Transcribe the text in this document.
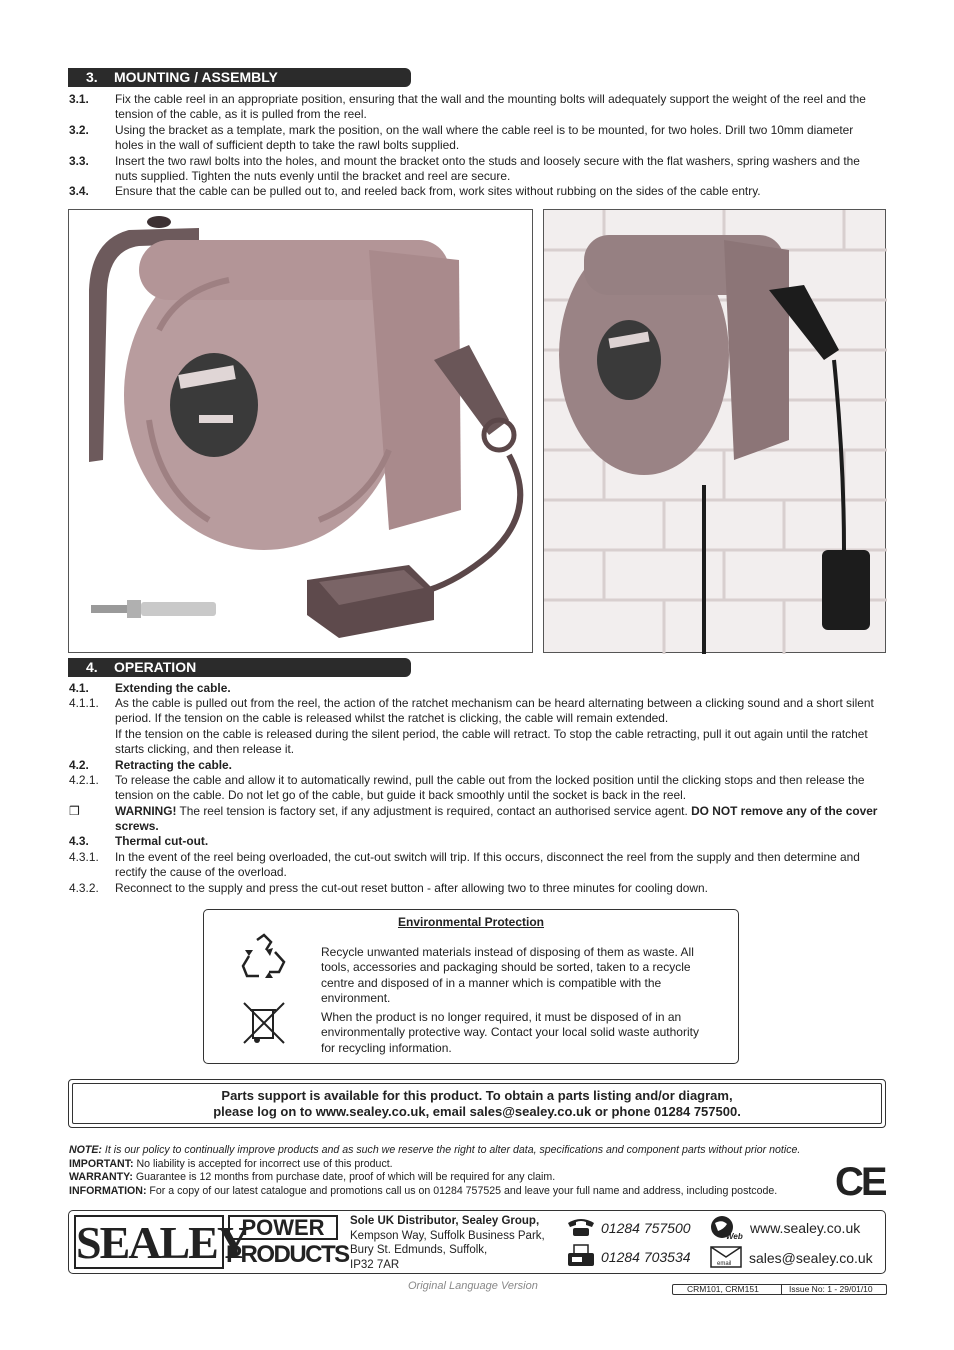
3. MOUNTING / ASSEMBLY
3.1. Fix the cable reel in an appropriate position, ensuring that the wall and the mounting bolts will adequately support the weight of the reel and the tension of the cable, as it is pulled from the reel.
3.2. Using the bracket as a template, mark the position, on the wall where the cable reel is to be mounted, for two holes. Drill two 10mm diameter holes in the wall of sufficient depth to take the rawl bolts supplied.
3.3. Insert the two rawl bolts into the holes, and mount the bracket onto the studs and loosely secure with the flat washers, spring washers and the nuts supplied. Tighten the nuts evenly until the bracket and reel are secure.
3.4. Ensure that the cable can be pulled out to, and reeled back from, work sites without rubbing on the sides of the cable entry.
4. OPERATION
4.1. Extending the cable.
4.1.1. As the cable is pulled out from the reel, the action of the ratchet mechanism can be heard alternating between a clicking sound and a short silent period. If the tension on the cable is released whilst the ratchet is clicking, the cable will remain extended.
If the tension on the cable is released during the silent period, the cable will retract. To stop the cable retracting, pull it out again until the ratchet starts clicking, and then release it.
4.2. Retracting the cable.
4.2.1. To release the cable and allow it to automatically rewind, pull the cable out from the locked position until the clicking stops and then release the tension on the cable. Do not let go of the cable, but guide it back smoothly until the socket is back in the reel.
❒	WARNING! The reel tension is factory set, if any adjustment is required, contact an authorised service agent. DO NOT remove any of the cover screws.
4.3. Thermal cut-out.
4.3.1. In the event of the reel being overloaded, the cut-out switch will trip. If this occurs, disconnect the reel from the supply and then determine and rectify the cause of the overload.
4.3.2. Reconnect to the supply and press the cut-out reset button - after allowing two to three minutes for cooling down.
Environmental Protection
Recycle unwanted materials instead of disposing of them as waste. All tools, accessories and packaging should be sorted, taken to a recycle centre and disposed of in a manner which is compatible with the environment.
When the product is no longer required, it must be disposed of in an environmentally protective way. Contact your local solid waste authority for recycling information.
Parts support is available for this product. To obtain a parts listing and/or diagram,
please log on to www.sealey.co.uk, email sales@sealey.co.uk or phone 01284 757500.
NOTE: It is our policy to continually improve products and as such we reserve the right to alter data, specifications and component parts without prior notice.
IMPORTANT: No liability is accepted for incorrect use of this product.
WARRANTY: Guarantee is 12 months from purchase date, proof of which will be required for any claim.
INFORMATION: For a copy of our latest catalogue and promotions call us on 01284 757525 and leave your full name and address, including postcode.	CE
SEALEY
POWER
PRODUCTS
Sole UK Distributor, Sealey Group,
Kempson Way, Suffolk Business Park,
Bury St. Edmunds, Suffolk,
IP32 7AR
01284 757500
01284 703534
Web
www.sealey.co.uk
email sales@sealey.co.uk
Original Language Version	CRM101, CRM151	Issue No: 1 - 29/01/10
